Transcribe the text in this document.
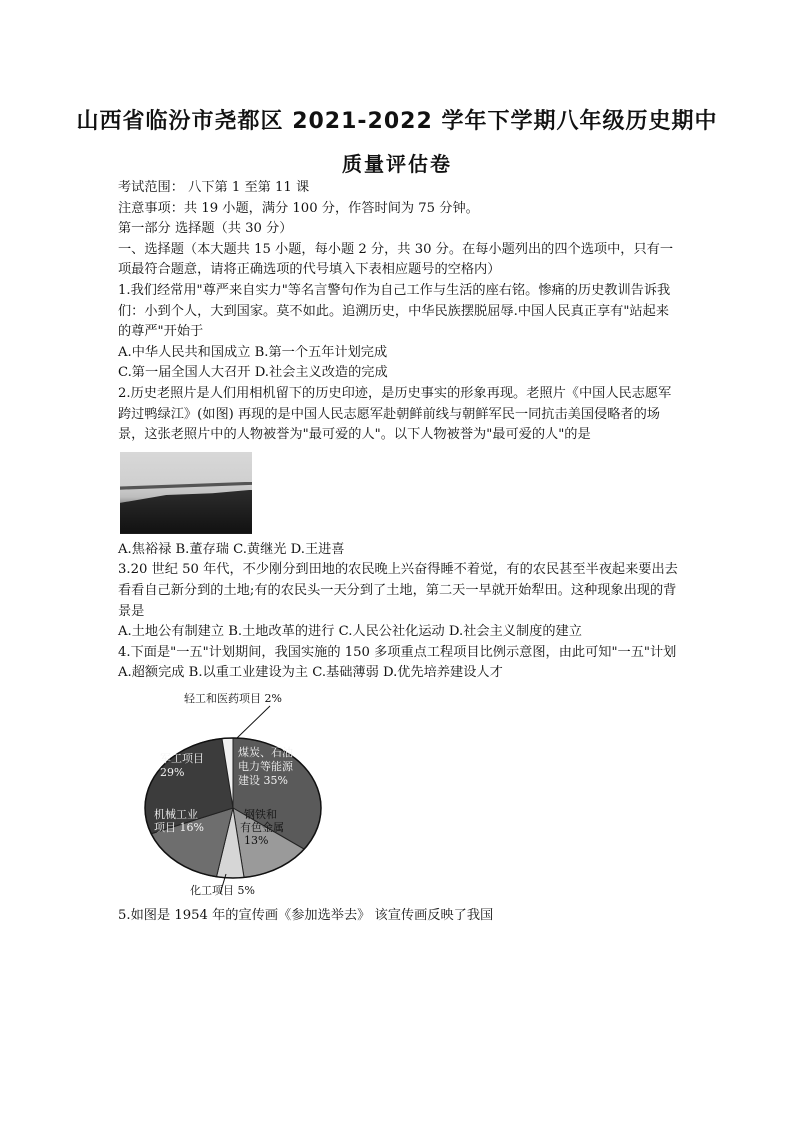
山西省临汾市尧都区 2021-2022 学年下学期八年级历史期中
质量评估卷

考试范围： 八下第 1 至第 11 课

注意事项：共 19 小题，满分 100 分，作答时间为 75 分钟。

第一部分 选择题（共 30 分）

一、选择题（本大题共 15 小题，每小题 2 分，共 30 分。在每小题列出的四个选项中，只有一项最符合题意，请将正确选项的代号填入下表相应题号的空格内）

1.我们经常用"尊严来自实力"等名言警句作为自己工作与生活的座右铭。惨痛的历史教训告诉我们：小到个人，大到国家。莫不如此。追溯历史，中华民族摆脱屈辱.中国人民真正享有"站起来的尊严"开始于

A.中华人民共和国成立 B.第一个五年计划完成

C.第一届全国人大召开 D.社会主义改造的完成

2.历史老照片是人们用相机留下的历史印迹，是历史事实的形象再现。老照片《中国人民志愿军跨过鸭绿江》(如图) 再现的是中国人民志愿军赴朝鲜前线与朝鲜军民一同抗击美国侵略者的场景，这张老照片中的人物被誉为"最可爱的人"。以下人物被誉为"最可爱的人"的是

A.焦裕禄 B.董存瑞 C.黄继光 D.王进喜

3.20 世纪 50 年代，不少刚分到田地的农民晚上兴奋得睡不着觉，有的农民甚至半夜起来要出去看看自己新分到的土地;有的农民头一天分到了土地，第二天一早就开始犁田。这种现象出现的背景是

A.土地公有制建立 B.土地改革的进行 C.人民公社化运动 D.社会主义制度的建立

4.下面是"一五"计划期间，我国实施的 150 多项重点工程项目比例示意图，由此可知"一五"计划

A.超额完成 B.以重工业建设为主 C.基础薄弱 D.优先培养建设人才

煤炭、石油
电力等能源
建设 35%
钢铁和
有色金属
13%
化工项目 5%
机械工业
项目 16%
军工项目
29%
轻工和医药项目 2%

5.如图是 1954 年的宣传画《参加选举去》 该宣传画反映了我国
